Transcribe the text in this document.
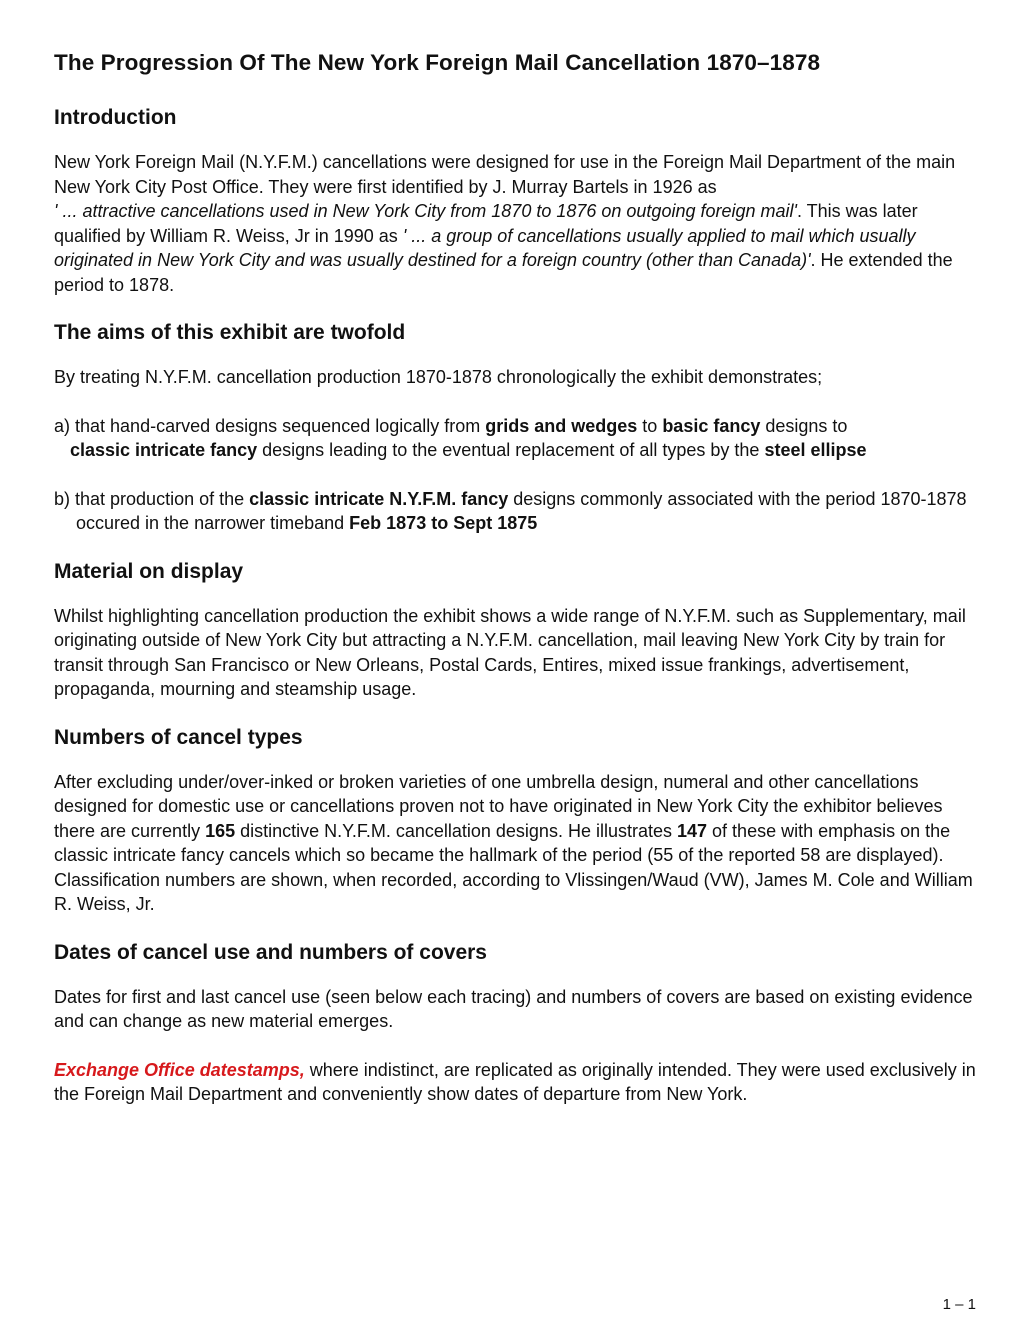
The Progression Of The New York Foreign Mail Cancellation 1870–1878
Introduction

New York Foreign Mail (N.Y.F.M.) cancellations were designed for use in the Foreign Mail Department of the main New York City Post Office. They were first identified by J. Murray Bartels in 1926 as
' ... attractive cancellations used in New York City from 1870 to 1876 on outgoing foreign mail'. This was later qualified by William R. Weiss, Jr in 1990 as ' ... a group of cancellations usually applied to mail which usually originated in New York City and was usually destined for a foreign country (other than Canada)'. He extended the period to 1878.

The aims of this exhibit are twofold

By treating N.Y.F.M. cancellation production 1870-1878 chronologically the exhibit demonstrates;

a) that hand-carved designs sequenced logically from grids and wedges to basic fancy designs to
classic intricate fancy designs leading to the eventual replacement of all types by the steel ellipse
b) that production of the classic intricate N.Y.F.M. fancy designs commonly associated with the period 1870-1878 occured in the narrower timeband Feb 1873 to Sept 1875
Material on display

Whilst highlighting cancellation production the exhibit shows a wide range of N.Y.F.M. such as Supplementary, mail originating outside of New York City but attracting a N.Y.F.M. cancellation, mail leaving New York City by train for transit through San Francisco or New Orleans, Postal Cards, Entires, mixed issue frankings, advertisement, propaganda, mourning and steamship usage.

Numbers of cancel types

After excluding under/over-inked or broken varieties of one umbrella design, numeral and other cancellations designed for domestic use or cancellations proven not to have originated in New York City the exhibitor believes there are currently 165 distinctive N.Y.F.M. cancellation designs. He illustrates 147 of these with emphasis on the classic intricate fancy cancels which so became the hallmark of the period (55 of the reported 58 are displayed). Classification numbers are shown, when recorded, according to Vlissingen/Waud (VW), James M. Cole and William R. Weiss, Jr.

Dates of cancel use and numbers of covers

Dates for first and last cancel use (seen below each tracing) and numbers of covers are based on existing evidence and can change as new material emerges.

Exchange Office datestamps, where indistinct, are replicated as originally intended. They were used exclusively in the Foreign Mail Department and conveniently show dates of departure from New York.

1 – 1
